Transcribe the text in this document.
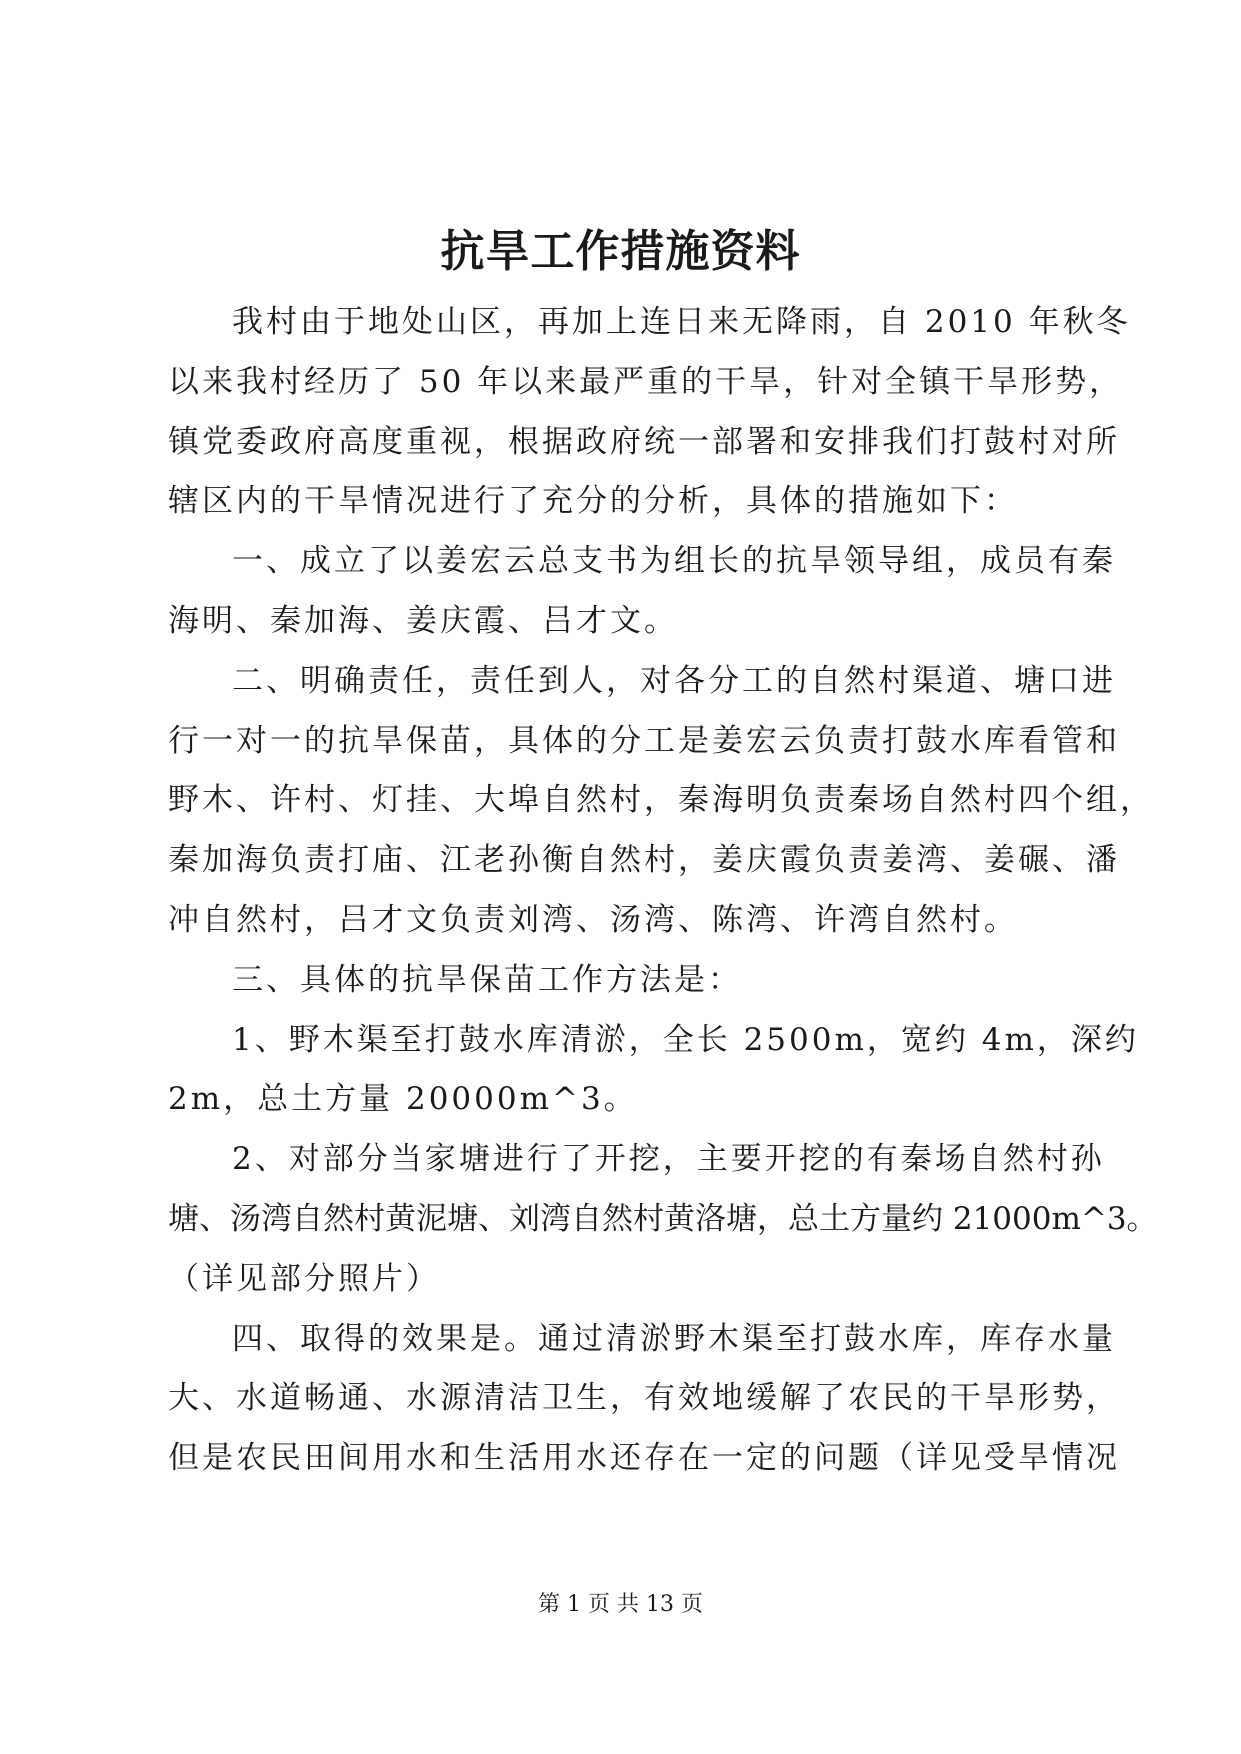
抗旱工作措施资料
我村由于地处山区，再加上连日来无降雨，自 2010 年秋冬
以来我村经历了 50 年以来最严重的干旱，针对全镇干旱形势，
镇党委政府高度重视，根据政府统一部署和安排我们打鼓村对所
辖区内的干旱情况进行了充分的分析，具体的措施如下：
一、成立了以姜宏云总支书为组长的抗旱领导组，成员有秦
海明、秦加海、姜庆霞、吕才文。
二、明确责任，责任到人，对各分工的自然村渠道、塘口进
行一对一的抗旱保苗，具体的分工是姜宏云负责打鼓水库看管和
野木、许村、灯挂、大埠自然村，秦海明负责秦场自然村四个组，
秦加海负责打庙、江老孙衡自然村，姜庆霞负责姜湾、姜碾、潘
冲自然村，吕才文负责刘湾、汤湾、陈湾、许湾自然村。
三、具体的抗旱保苗工作方法是：
1、野木渠至打鼓水库清淤，全长 2500m，宽约 4m，深约
2m，总土方量 20000m^3。
2、对部分当家塘进行了开挖，主要开挖的有秦场自然村孙
塘、汤湾自然村黄泥塘、刘湾自然村黄洛塘，总土方量约 21000m^3。
（详见部分照片）
四、取得的效果是。通过清淤野木渠至打鼓水库，库存水量
大、水道畅通、水源清洁卫生，有效地缓解了农民的干旱形势，
但是农民田间用水和生活用水还存在一定的问题（详见受旱情况
第 1 页 共 13 页
